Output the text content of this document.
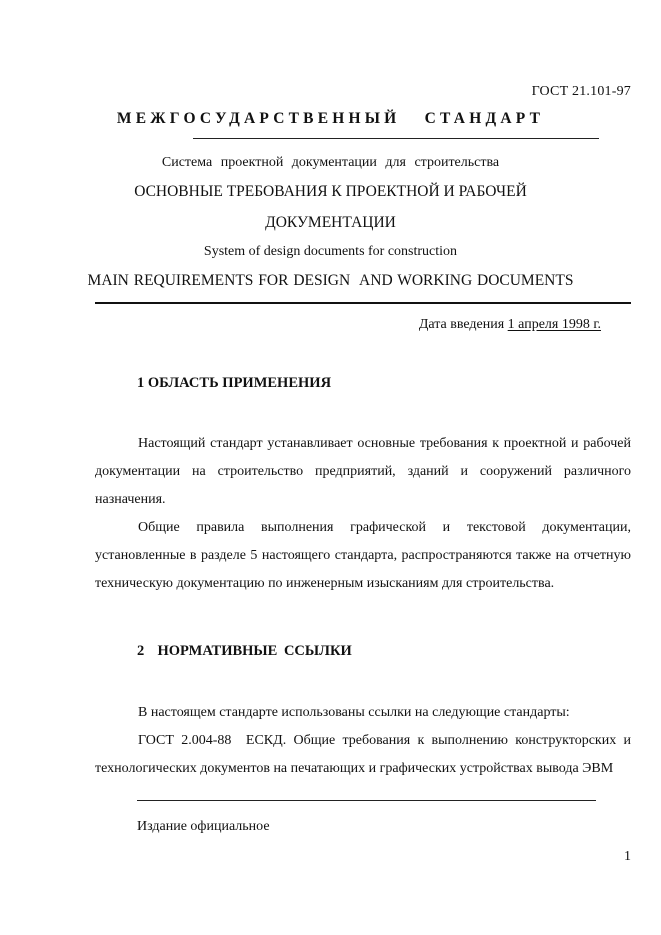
ГОСТ 21.101-97
МЕЖГОСУДАРСТВЕННЫЙ   СТАНДАРТ
Система проектной документации для строительства
ОСНОВНЫЕ ТРЕБОВАНИЯ К ПРОЕКТНОЙ И РАБОЧЕЙ
ДОКУМЕНТАЦИИ
System of design documents for construction
MAIN REQUIREMENTS FOR DESIGN  AND WORKING DOCUMENTS
Дата введения 1 апреля 1998 г.
1 ОБЛАСТЬ ПРИМЕНЕНИЯ

Настоящий стандарт устанавливает основные требования к проектной и рабочей документации на строительство предприятий, зданий и сооружений различного назначения.

Общие правила выполнения графической и текстовой документации, установленные в разделе 5 настоящего стандарта, распространяются также на отчетную техническую документацию по инженерным изысканиям для строительства.

2  НОРМАТИВНЫЕ ССЫЛКИ

В настоящем стандарте использованы ссылки на следующие стандарты:

ГОСТ 2.004-88  ЕСКД. Общие требования к выполнению конструкторских и технологических документов на печатающих и графических устройствах вывода ЭВМ

Издание официальное
1
